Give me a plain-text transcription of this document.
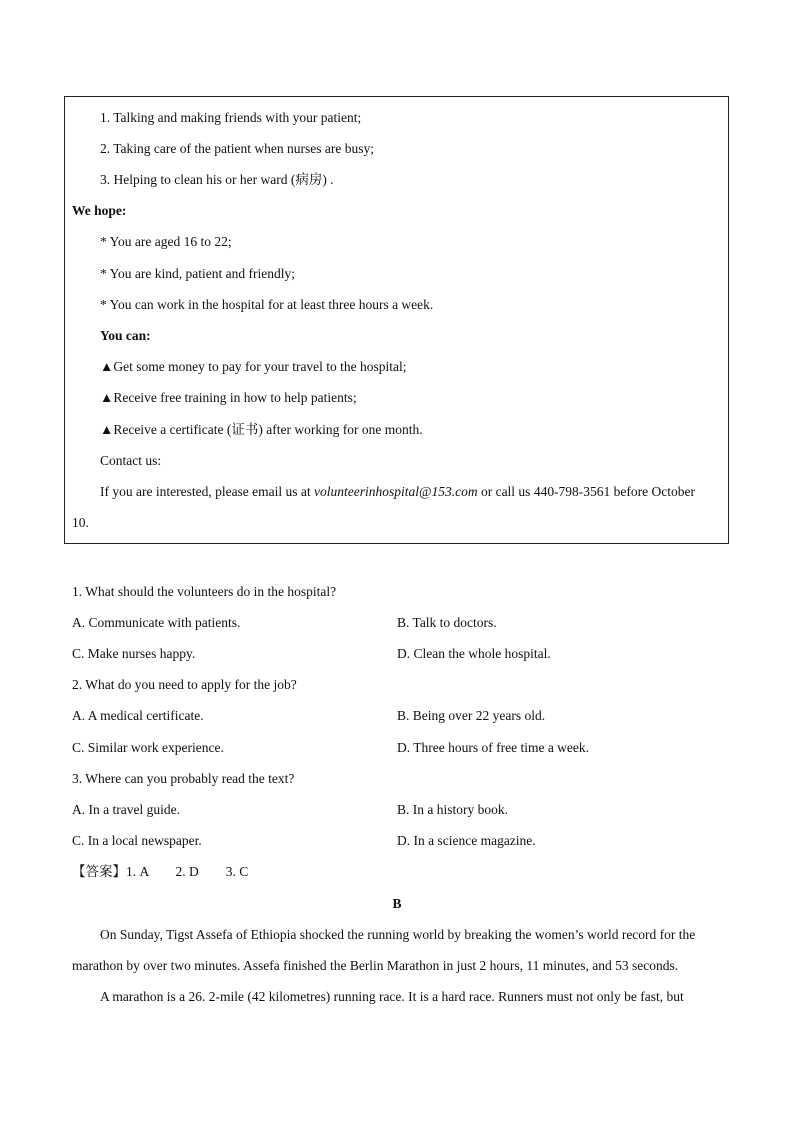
1. Talking and making friends with your patient;
2. Taking care of the patient when nurses are busy;
3. Helping to clean his or her ward (病房) .
We hope:
* You are aged 16 to 22;
* You are kind, patient and friendly;
* You can work in the hospital for at least three hours a week.
You can:
▲Get some money to pay for your travel to the hospital;
▲Receive free training in how to help patients;
▲Receive a certificate (证书) after working for one month.
Contact us:
If you are interested, please email us at volunteerinhospital@153.com or call us 440-798-3561 before October
10.
1. What should the volunteers do in the hospital?
A. Communicate with patients.	B. Talk to doctors.
C. Make nurses happy.	D. Clean the whole hospital.
2. What do you need to apply for the job?
A. A medical certificate.	B. Being over 22 years old.
C. Similar work experience.	D. Three hours of free time a week.
3. Where can you probably read the text?
A. In a travel guide.	B. In a history book.
C. In a local newspaper.	D. In a science magazine.
【答案】1. A        2. D        3. C
B
On Sunday, Tigst Assefa of Ethiopia shocked the running world by breaking the women’s world record for the
marathon by over two minutes. Assefa finished the Berlin Marathon in just 2 hours, 11 minutes, and 53 seconds.
A marathon is a 26. 2-mile (42 kilometres) running race. It is a hard race. Runners must not only be fast, but
